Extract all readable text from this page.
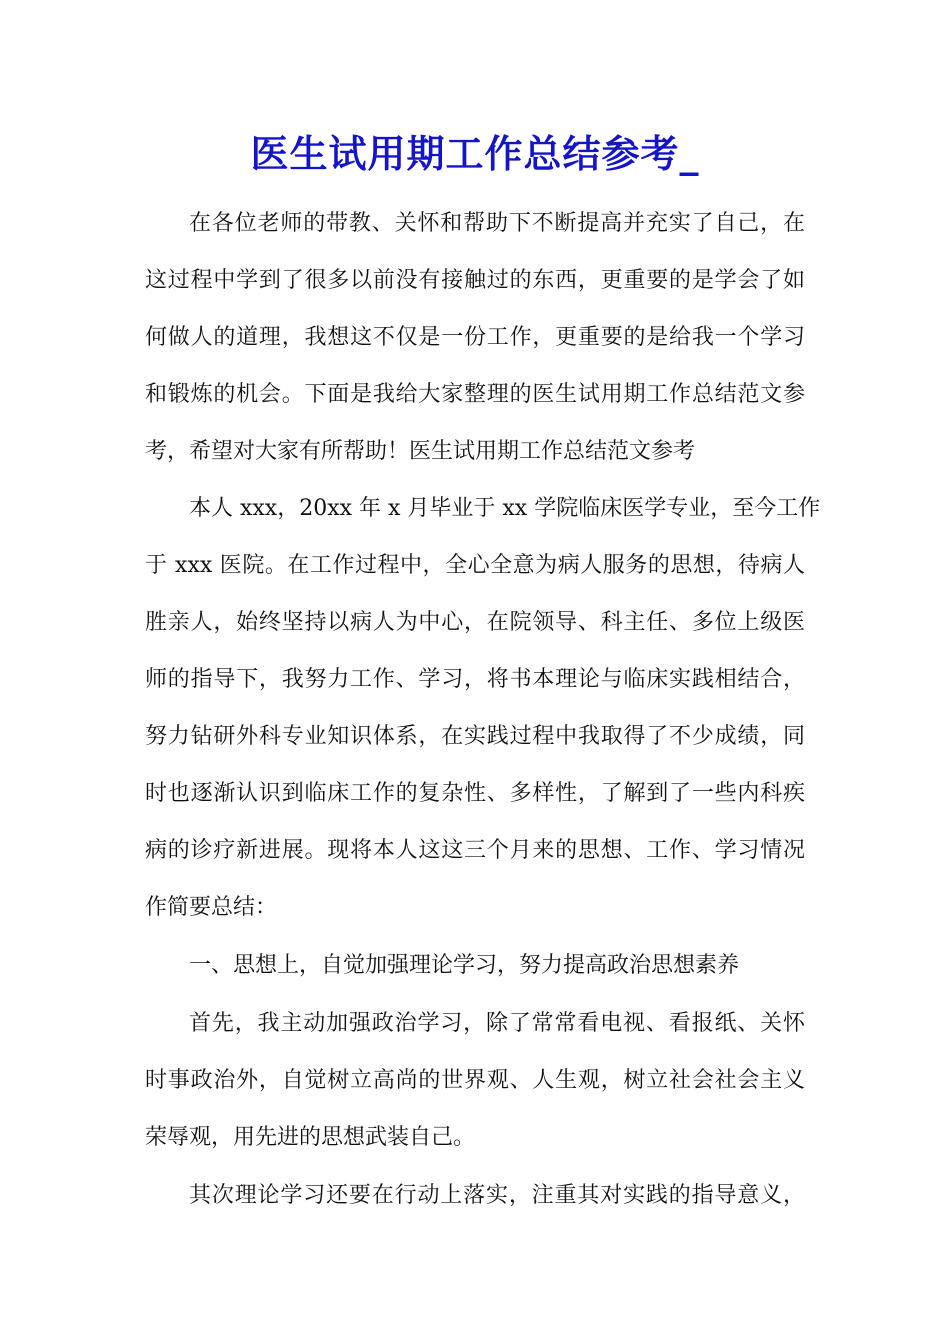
医生试用期工作总结参考_
在各位老师的带教、关怀和帮助下不断提高并充实了自己，在
这过程中学到了很多以前没有接触过的东西，更重要的是学会了如
何做人的道理，我想这不仅是一份工作，更重要的是给我一个学习
和锻炼的机会。下面是我给大家整理的医生试用期工作总结范文参
考，希望对大家有所帮助！医生试用期工作总结范文参考
本人 xxx，20xx 年 x 月毕业于 xx 学院临床医学专业，至今工作
于 xxx 医院。在工作过程中，全心全意为病人服务的思想，待病人
胜亲人，始终坚持以病人为中心，在院领导、科主任、多位上级医
师的指导下，我努力工作、学习，将书本理论与临床实践相结合，
努力钻研外科专业知识体系，在实践过程中我取得了不少成绩，同
时也逐渐认识到临床工作的复杂性、多样性，了解到了一些内科疾
病的诊疗新进展。现将本人这这三个月来的思想、工作、学习情况
作简要总结：
一、思想上，自觉加强理论学习，努力提高政治思想素养
首先，我主动加强政治学习，除了常常看电视、看报纸、关怀
时事政治外，自觉树立高尚的世界观、人生观，树立社会社会主义
荣辱观，用先进的思想武装自己。
其次理论学习还要在行动上落实，注重其对实践的指导意义，
